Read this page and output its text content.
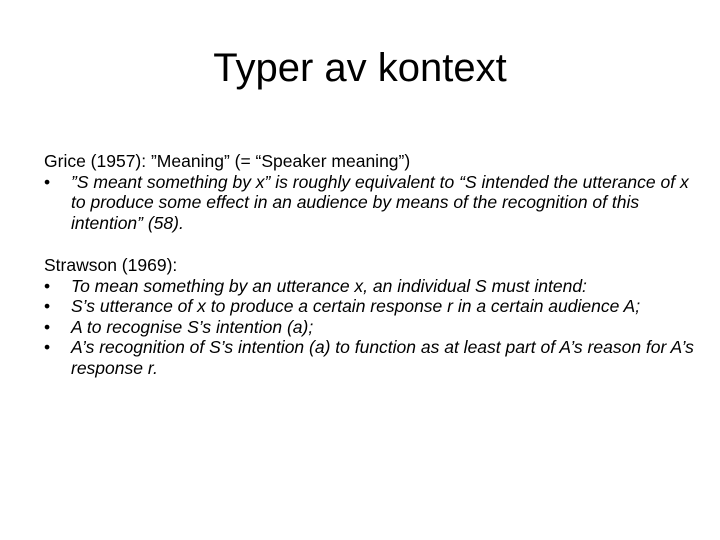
Typer av kontext

Grice (1957): ”Meaning” (= “Speaker meaning”)

• ”S meant something by x” is roughly equivalent to “S intended the utterance of x to produce some effect in an audience by means of the recognition of this intention” (58).

Strawson (1969):

• To mean something by an utterance x, an individual S must intend:
• S’s utterance of x to produce a certain response r in a certain audience A;
• A to recognise S’s intention (a);
• A’s recognition of S’s intention (a) to function as at least part of A’s reason for A’s response r.
